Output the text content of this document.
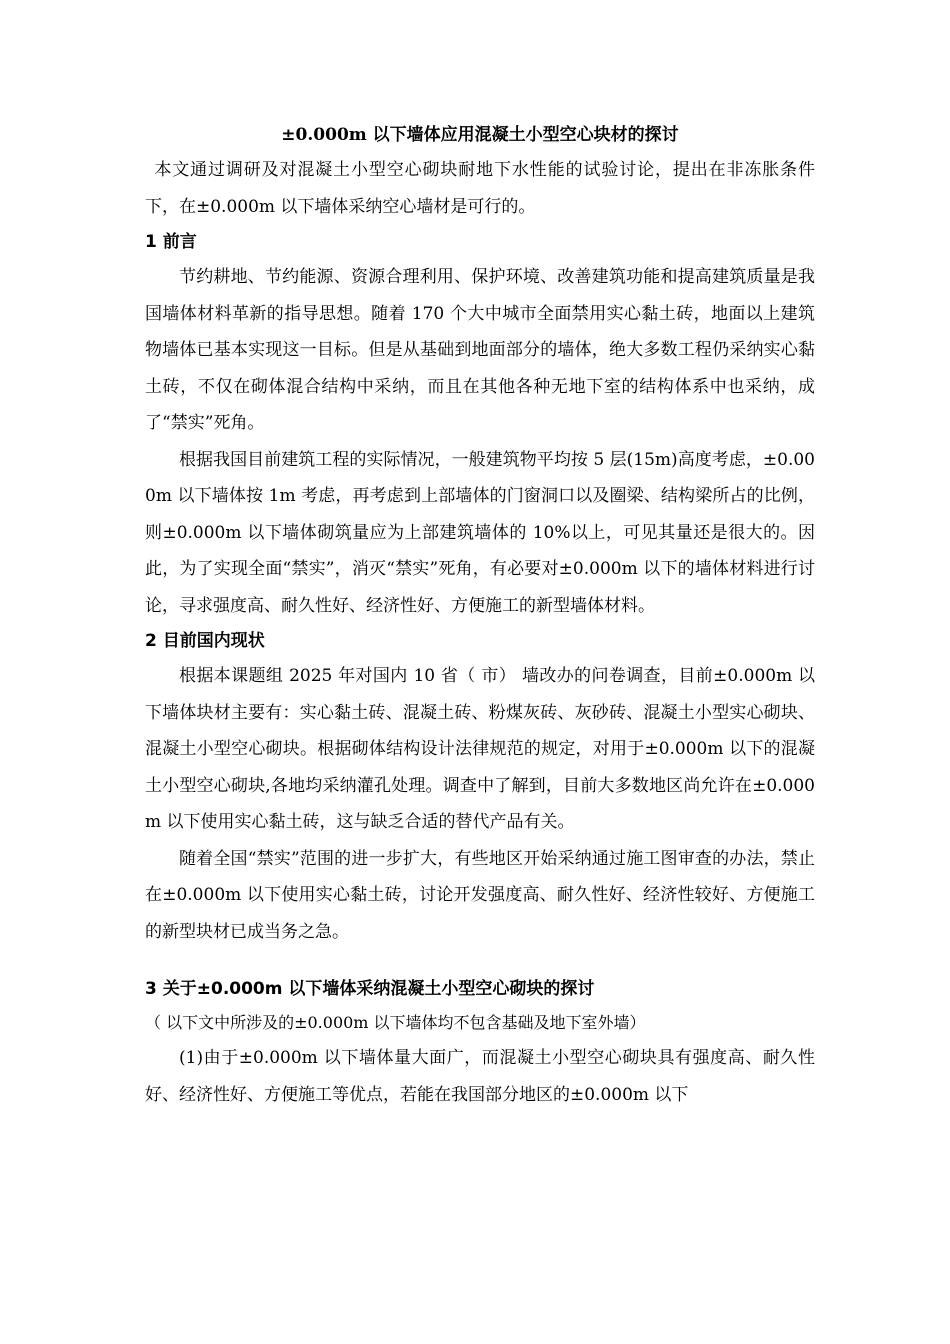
±0.000m 以下墙体应用混凝土小型空心块材的探讨

本文通过调研及对混凝土小型空心砌块耐地下水性能的试验讨论，提出在非冻胀条件下，在±0.000m 以下墙体采纳空心墙材是可行的。

1 前言

节约耕地、节约能源、资源合理利用、保护环境、改善建筑功能和提高建筑质量是我国墙体材料革新的指导思想。随着 170 个大中城市全面禁用实心黏土砖，地面以上建筑物墙体已基本实现这一目标。但是从基础到地面部分的墙体，绝大多数工程仍采纳实心黏土砖，不仅在砌体混合结构中采纳，而且在其他各种无地下室的结构体系中也采纳，成了“禁实”死角。

根据我国目前建筑工程的实际情况，一般建筑物平均按 5 层(15m)高度考虑，±0.000m 以下墙体按 1m 考虑，再考虑到上部墙体的门窗洞口以及圈梁、结构梁所占的比例，则±0.000m 以下墙体砌筑量应为上部建筑墙体的 10%以上，可见其量还是很大的。因此，为了实现全面“禁实”，消灭“禁实”死角，有必要对±0.000m 以下的墙体材料进行讨论，寻求强度高、耐久性好、经济性好、方便施工的新型墙体材料。

2 目前国内现状

根据本课题组 2025 年对国内 10 省（ 市） 墙改办的问卷调查，目前±0.000m 以下墙体块材主要有：实心黏土砖、混凝土砖、粉煤灰砖、灰砂砖、混凝土小型实心砌块、混凝土小型空心砌块。根据砌体结构设计法律规范的规定，对用于±0.000m 以下的混凝土小型空心砌块,各地均采纳灌孔处理。调查中了解到，目前大多数地区尚允许在±0.000m 以下使用实心黏土砖，这与缺乏合适的替代产品有关。

随着全国“禁实”范围的进一步扩大，有些地区开始采纳通过施工图审查的办法，禁止在±0.000m 以下使用实心黏土砖，讨论开发强度高、耐久性好、经济性较好、方便施工的新型块材已成当务之急。

3 关于±0.000m 以下墙体采纳混凝土小型空心砌块的探讨

（ 以下文中所涉及的±0.000m 以下墙体均不包含基础及地下室外墙）

(1)由于±0.000m 以下墙体量大面广，而混凝土小型空心砌块具有强度高、耐久性好、经济性好、方便施工等优点，若能在我国部分地区的±0.000m 以下
